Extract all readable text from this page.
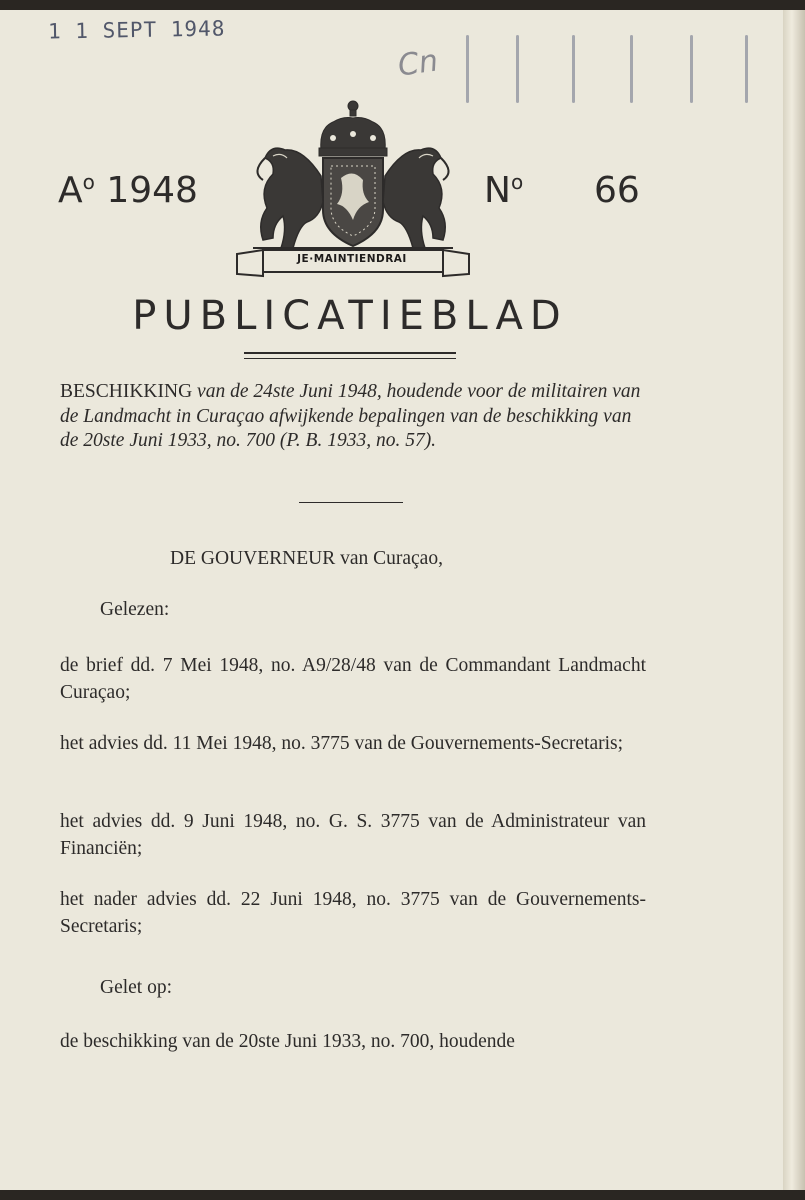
1 1 SEPT 1948
Cn
JE·MAINTIENDRAI
$A^o$ 1948	$N^o$ 66
PUBLICATIEBLAD
BESCHIKKING van de 24ste Juni 1948, houdende voor de militairen van de Landmacht in Curaçao afwijkende bepalingen van de beschikking van de 20ste Juni 1933, no. 700 (P. B. 1933, no. 57).
DE GOUVERNEUR van Curaçao,
Gelezen:
de brief dd. 7 Mei 1948, no. A9/28/48 van de Commandant Landmacht Curaçao;
het advies dd. 11 Mei 1948, no. 3775 van de Gouvernements-Secretaris;
het advies dd. 9 Juni 1948, no. G. S. 3775 van de Administrateur van Financiën;
het nader advies dd. 22 Juni 1948, no. 3775 van de Gouvernements-Secretaris;
Gelet op:
de beschikking van de 20ste Juni 1933, no. 700, houdende
